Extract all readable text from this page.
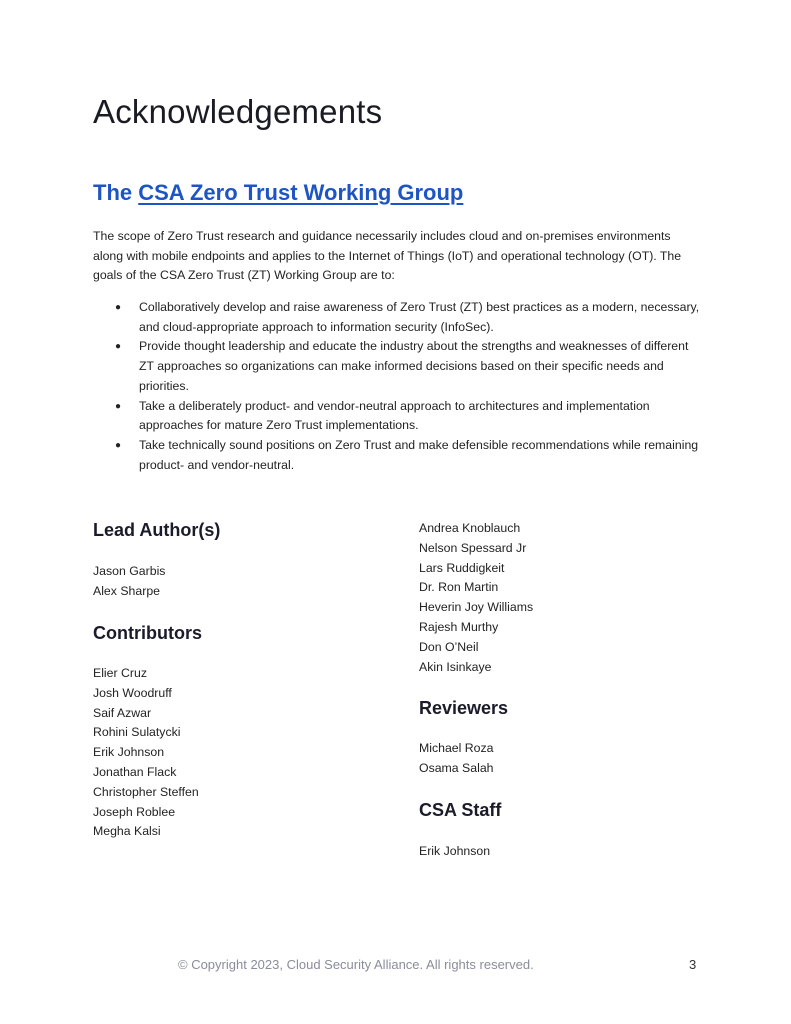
Acknowledgements
The CSA Zero Trust Working Group

The scope of Zero Trust research and guidance necessarily includes cloud and on-premises environments along with mobile endpoints and applies to the Internet of Things (IoT) and operational technology (OT). The goals of the CSA Zero Trust (ZT) Working Group are to:

● Collaboratively develop and raise awareness of Zero Trust (ZT) best practices as a modern, necessary, and cloud-appropriate approach to information security (InfoSec).
● Provide thought leadership and educate the industry about the strengths and weaknesses of different ZT approaches so organizations can make informed decisions based on their specific needs and priorities.
● Take a deliberately product- and vendor-neutral approach to architectures and implementation approaches for mature Zero Trust implementations.
● Take technically sound positions on Zero Trust and make defensible recommendations while remaining product- and vendor-neutral.
Lead Author(s)
Jason Garbis
Alex Sharpe
Contributors
Elier Cruz
Josh Woodruff
Saif Azwar
Rohini Sulatycki
Erik Johnson
Jonathan Flack
Christopher Steffen
Joseph Roblee
Megha Kalsi
Andrea Knoblauch
Nelson Spessard Jr
Lars Ruddigkeit
Dr. Ron Martin
Heverin Joy Williams
Rajesh Murthy
Don O’Neil
Akin Isinkaye
Reviewers
Michael Roza
Osama Salah
CSA Staff
Erik Johnson
© Copyright 2023, Cloud Security Alliance. All rights reserved.	3
